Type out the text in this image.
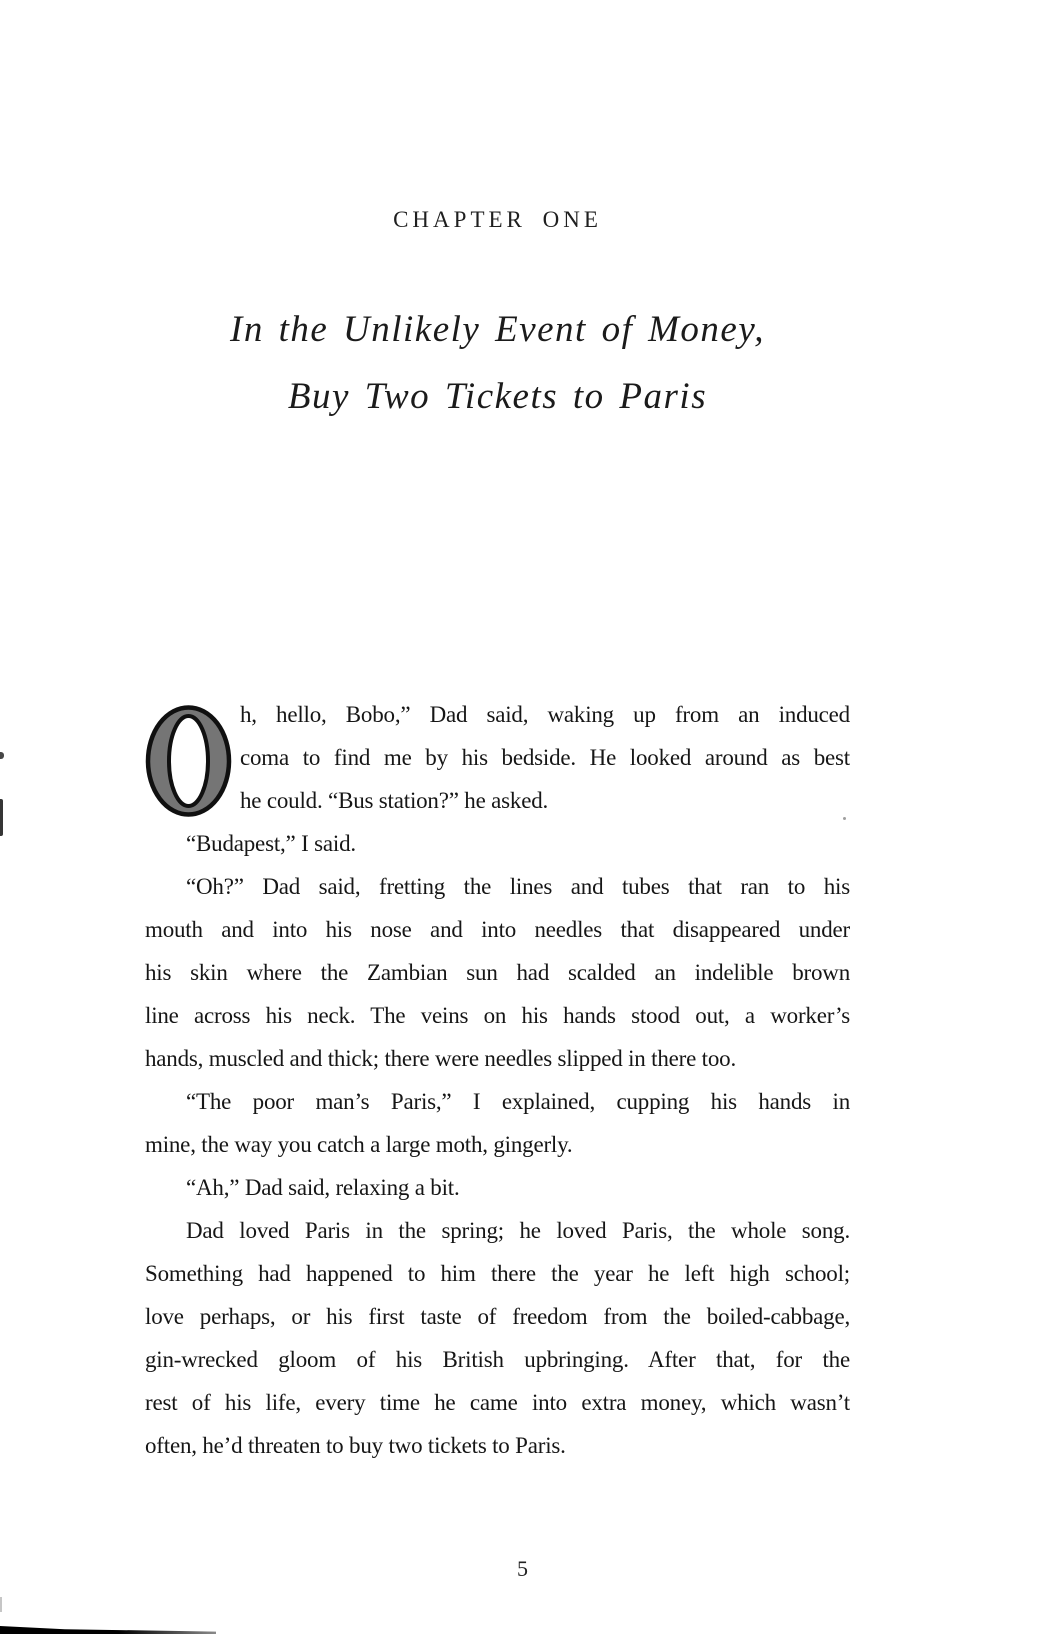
CHAPTER ONE
In the Unlikely Event of Money,
Buy Two Tickets to Paris
h, hello, Bobo,” Dad said, waking up from an induced
coma to find me by his bedside. He looked around as best
he could. “Bus station?” he asked.
“Budapest,” I said.
“Oh?” Dad said, fretting the lines and tubes that ran to his
mouth and into his nose and into needles that disappeared under
his skin where the Zambian sun had scalded an indelible brown
line across his neck. The veins on his hands stood out, a worker’s
hands, muscled and thick; there were needles slipped in there too.
“The poor man’s Paris,” I explained, cupping his hands in
mine, the way you catch a large moth, gingerly.
“Ah,” Dad said, relaxing a bit.
Dad loved Paris in the spring; he loved Paris, the whole song.
Something had happened to him there the year he left high school;
love perhaps, or his first taste of freedom from the boiled-cabbage,
gin-wrecked gloom of his British upbringing. After that, for the
rest of his life, every time he came into extra money, which wasn’t
often, he’d threaten to buy two tickets to Paris.
5
